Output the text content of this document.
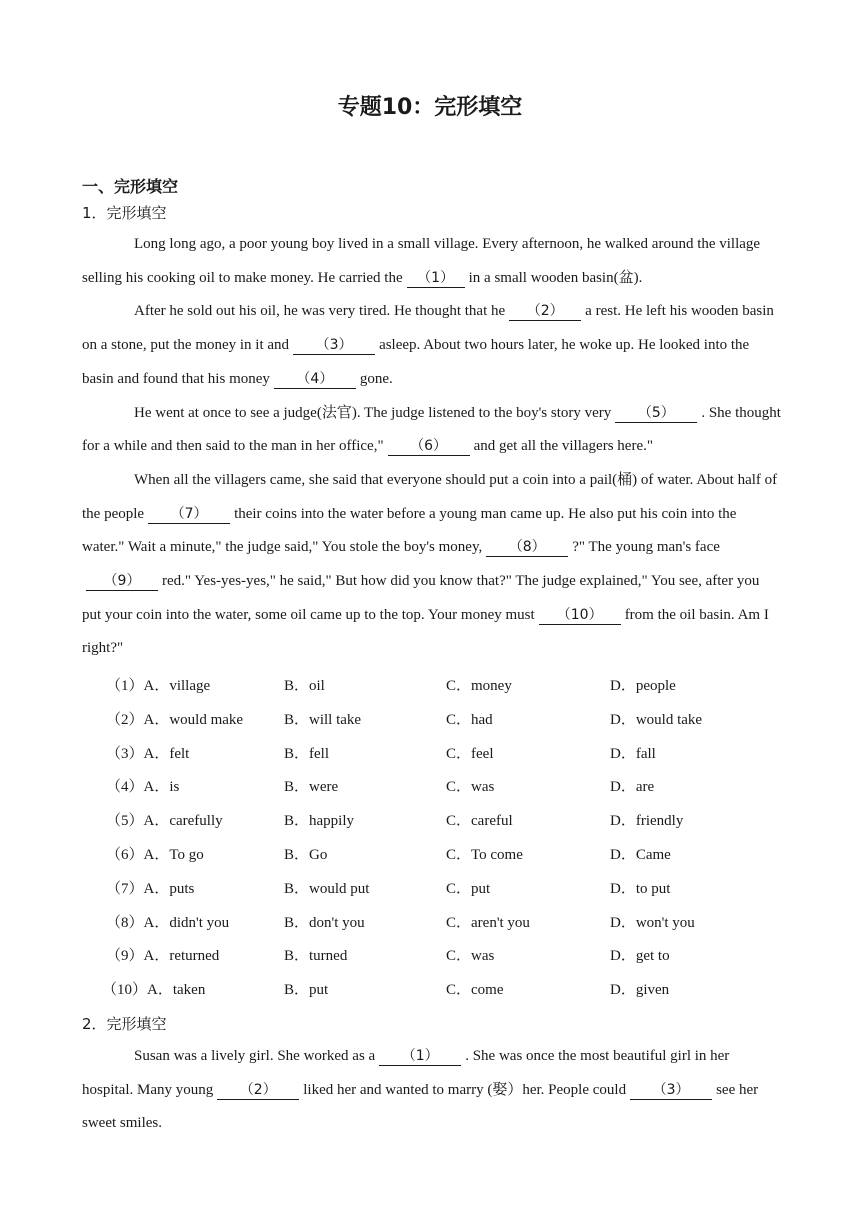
专题10：完形填空
一、完形填空
1．完形填空

Long long ago, a poor young boy lived in a small village. Every afternoon, he walked around the village selling his cooking oil to make money. He carried the （1） in a small wooden basin(盆).

After he sold out his oil, he was very tired. He thought that he （2） a rest. He left his wooden basin on a stone, put the money in it and （3） asleep. About two hours later, he woke up. He looked into the basin and found that his money （4） gone.

He went at once to see a judge(法官). The judge listened to the boy's story very （5） . She thought for a while and then said to the man in her office," （6） and get all the villagers here."

When all the villagers came, she said that everyone should put a coin into a pail(桶) of water. About half of the people （7） their coins into the water before a young man came up. He also put his coin into the water." Wait a minute," the judge said," You stole the boy's money, （8） ?" The young man's face（9） red." Yes-yes-yes," he said," But how did you know that?" The judge explained," You see, after you put your coin into the water, some oil came up to the top. Your money must （10） from the oil basin. Am I right?"

（1）A．village	B．oil	C．money	D．people
（2）A．would make	B．will take	C．had	D．would take
（3）A．felt	B．fell	C．feel	D．fall
（4）A．is	B．were	C．was	D．are
（5）A．carefully	B．happily	C．careful	D．friendly
（6）A．To go	B．Go	C．To come	D．Came
（7）A．puts	B．would put	C．put	D．to put
（8）A．didn't you	B．don't you	C．aren't you	D．won't you
（9）A．returned	B．turned	C．was	D．get to
（10）A．taken	B．put	C．come	D．given
2．完形填空

Susan was a lively girl. She worked as a （1） . She was once the most beautiful girl in her hospital. Many young （2） liked her and wanted to marry (娶）her. People could （3） see her sweet smiles.
